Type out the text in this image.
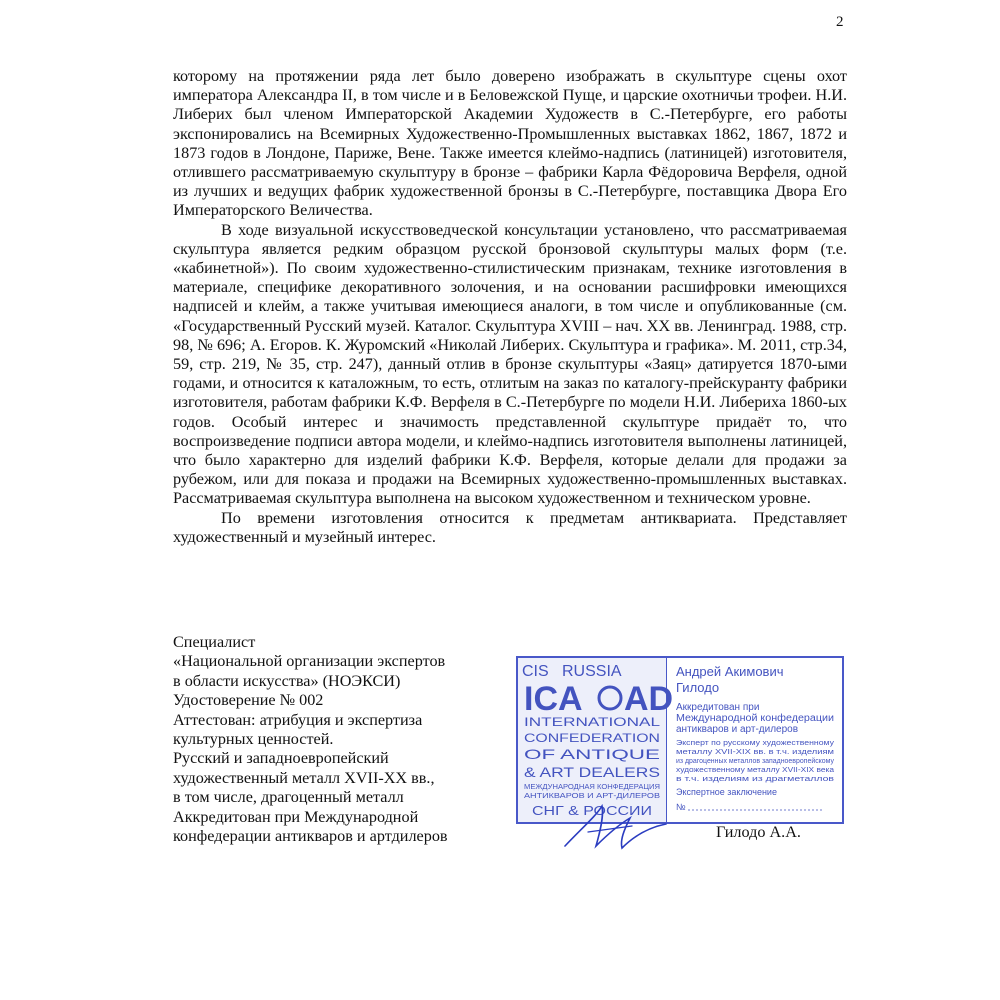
2

которому на протяжении ряда лет было доверено изображать в скульптуре сцены охот императора Александра II, в том числе и в Беловежской Пуще, и царские охотничьи трофеи. Н.И. Либерих был членом Императорской Академии Художеств в С.-Петербурге, его работы экспонировались на Всемирных Художественно-Промышленных выставках 1862, 1867, 1872 и 1873 годов в Лондоне, Париже, Вене. Также имеется клеймо-надпись (латиницей) изготовителя, отлившего рассматриваемую скульптуру в бронзе – фабрики Карла Фёдоровича Верфеля, одной из лучших и ведущих фабрик художественной бронзы в С.-Петербурге, поставщика Двора Его Императорского Величества.

В ходе визуальной искусствоведческой консультации установлено, что рассматриваемая скульптура является редким образцом русской бронзовой скульптуры малых форм (т.е. «кабинетной»). По своим художественно-стилистическим признакам, технике изготовления в материале, специфике декоративного золочения, и на основании расшифровки имеющихся надписей и клейм, а также учитывая имеющиеся аналоги, в том числе и опубликованные (см. «Государственный Русский музей. Каталог. Скульптура XVIII – нач. XX вв. Ленинград. 1988, стр. 98, № 696; А. Егоров. К. Журомский «Николай Либерих. Скульптура и графика». М. 2011, стр.34, 59, стр. 219, № 35, стр. 247), данный отлив в бронзе скульптуры «Заяц» датируется 1870-ыми годами, и относится к каталожным, то есть, отлитым на заказ по каталогу-прейскуранту фабрики изготовителя, работам фабрики К.Ф. Верфеля в С.-Петербурге по модели Н.И. Либериха 1860-ых годов. Особый интерес и значимость представленной скульптуре придаёт то, что воспроизведение подписи автора модели, и клеймо-надпись изготовителя выполнены латиницей, что было характерно для изделий фабрики К.Ф. Верфеля, которые делали для продажи за рубежом, или для показа и продажи на Всемирных художественно-промышленных выставках. Рассматриваемая скульптура выполнена на высоком художественном и техническом уровне.

По времени изготовления относится к предметам антиквариата. Представляет художественный и музейный интерес.

Специалист
«Национальной организации экспертов
в области искусства» (НОЭКСИ)
Удостоверение № 002
Аттестован: атрибуция и экспертиза
культурных ценностей.
Русский и западноевропейский
художественный металл XVII-XX вв.,
в том числе, драгоценный металл
Аккредитован при Международной
конфедерации антикваров и артдилеров
CIS RUSSIA
ICA AD
INTERNATIONAL
CONFEDERATION
OF ANTIQUE
& ART DEALERS
МЕЖДУНАРОДНАЯ КОНФЕДЕРАЦИЯ
АНТИКВАРОВ И АРТ-ДИЛЕРОВ
СНГ & РОССИИ
Андрей Акимович
Гилодо
Аккредитован при
Международной конфедерации
антикваров и арт-дилеров
Эксперт по русскому художественному
металлу XVII-XIX вв. в т.ч. изделиям
из драгоценных металлов западноевропейскому
художественному металлу XVII-XIX века
в т.ч. изделиям из драгметаллов
Экспертное заключение
№
Гилодо А.А.
